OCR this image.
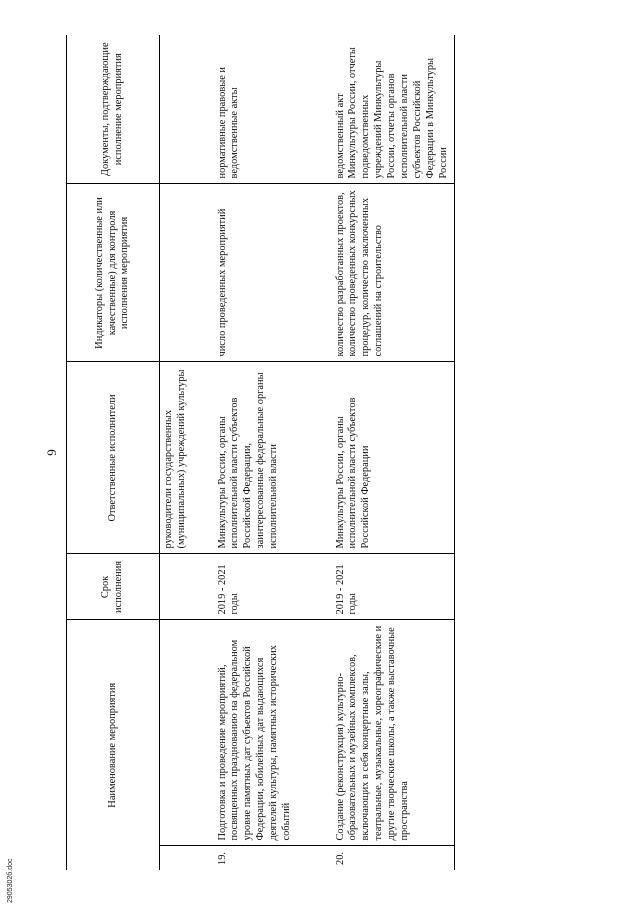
9
Наименование мероприятия		Срок исполнения	Ответственные исполнители	Индикаторы (количественные или качественные) для контроля исполнения мероприятия	Документы, подтверждающие исполнение мероприятия
			руководители государственных (муниципальных) учреждений культуры		
19.	Подготовка и проведение мероприятий, посвященных празднованию на федеральном уровне памятных дат субъектов Российской Федерации, юбилейных дат выдающихся деятелей культуры, памятных исторических событий	2019 - 2021 годы	Минкультуры России, органы исполнительной власти субъектов Российской Федерации, заинтересованные федеральные органы исполнительной власти	число проведенных мероприятий	нормативные правовые и ведомственные акты
20.	Создание (реконструкция) культурно-образовательных и музейных комплексов, включающих в себя концертные залы, театральные, музыкальные, хореографические и другие творческие школы, а также выставочные пространства	2019 - 2021 годы	Минкультуры России, органы исполнительной власти субъектов Российской Федерации	количество разработанных проектов, количество проведенных конкурсных процедур, количество заключенных соглашений на строительство	ведомственный акт Минкультуры России, отчеты подведомственных учреждений Минкультуры России, отчеты органов исполнительной власти субъектов Российской Федерации в Минкультуры России
2905302б.doc
